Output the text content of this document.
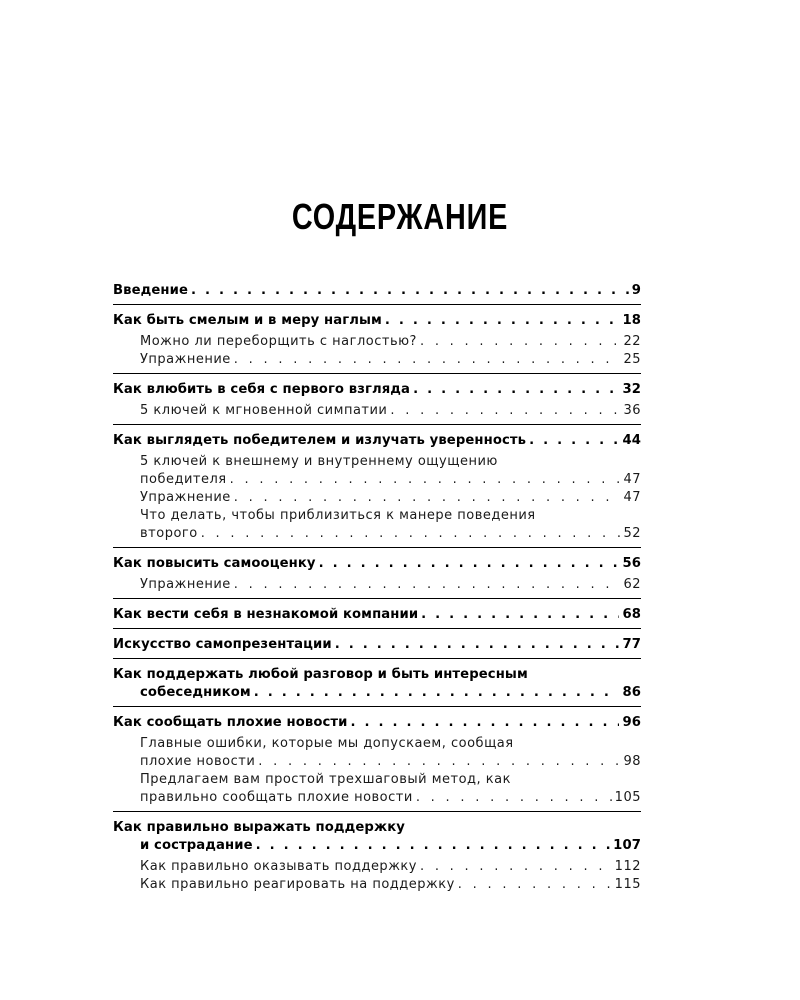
СОДЕРЖАНИЕ
Введение . . .	9
Как быть смелым и в меру наглым . . .	18
Можно ли переборщить с наглостью? . . .	22
Упражнение . . .	25
Как влюбить в себя с первого взгляда . . .	32
5 ключей к мгновенной симпатии . . .	36
Как выглядеть победителем и излучать уверенность . . .	44
5 ключей к внешнему и внутреннему ощущению
победителя . . .	47
Упражнение . . .	47
Что делать, чтобы приблизиться к манере поведения
второго . . .	52
Как повысить самооценку . . .	56
Упражнение . . .	62
Как вести себя в незнакомой компании . . .	68
Искусство самопрезентации . . .	77
Как поддержать любой разговор и быть интересным
собеседником . . .	86
Как сообщать плохие новости . . .	96
Главные ошибки, которые мы допускаем, сообщая
плохие новости . . .	98
Предлагаем вам простой трехшаговый метод, как
правильно сообщать плохие новости . . .	105
Как правильно выражать поддержку
и сострадание . . .	107
Как правильно оказывать поддержку . . .	112
Как правильно реагировать на поддержку . . .	115
